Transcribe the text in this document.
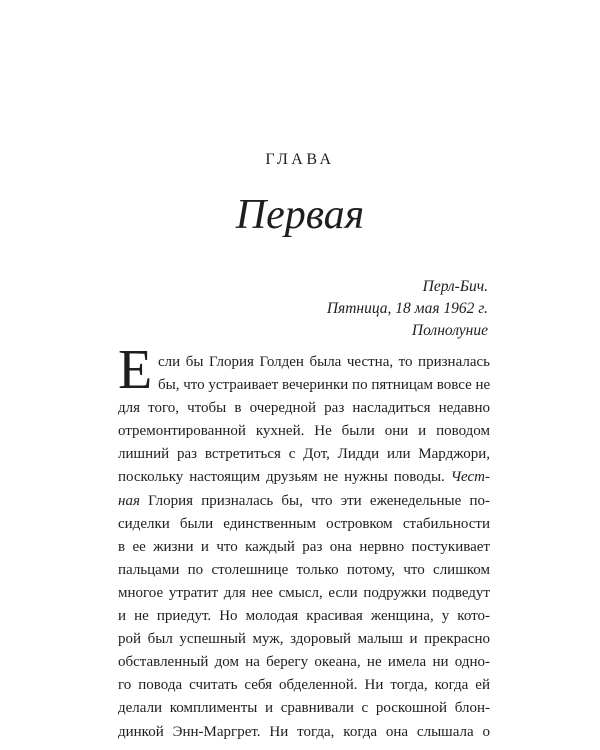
ГЛАВА
Первая
Перл-Бич.
Пятница, 18 мая 1962 г.
Полнолуние
Е сли бы Глория Голден была честна, то призналась
бы, что устраивает вечеринки по пятницам вовсе не
для того, чтобы в очередной раз насладиться недавно
отремонтированной кухней. Не были они и поводом
лишний раз встретиться с Дот, Лидди или Марджори,
поскольку настоящим друзьям не нужны поводы. Чест-
ная Глория призналась бы, что эти еженедельные по-
сиделки были единственным островком стабильности
в ее жизни и что каждый раз она нервно постукивает
пальцами по столешнице только потому, что слишком
многое утратит для нее смысл, если подружки подведут
и не приедут. Но молодая красивая женщина, у кото-
рой был успешный муж, здоровый малыш и прекрасно
обставленный дом на берегу океана, не имела ни одно-
го повода считать себя обделенной. Ни тогда, когда ей
делали комплименты и сравнивали с роскошной блон-
динкой Энн-Маргрет. Ни тогда, когда она слышала о
